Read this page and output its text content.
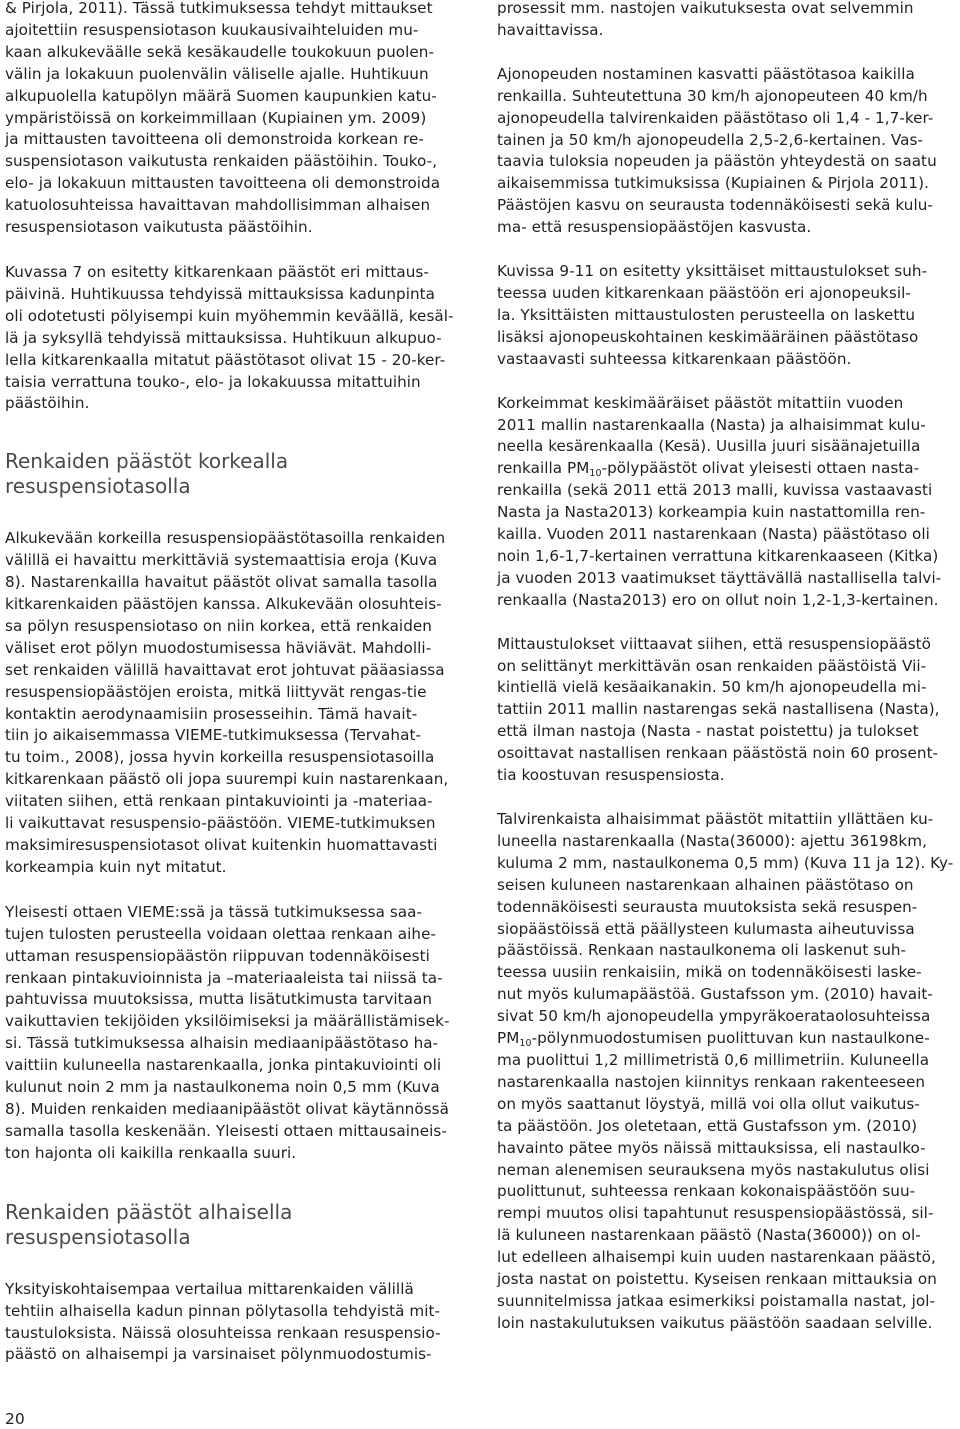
& Pirjola, 2011). Tässä tutkimuksessa tehdyt mittaukset
ajoitettiin resuspensiotason kuukausivaihteluiden mu-
kaan alkukeväälle sekä kesäkaudelle toukokuun puolen-
välin ja lokakuun puolenvälin väliselle ajalle. Huhtikuun
alkupuolella katupölyn määrä Suomen kaupunkien katu-
ympäristöissä on korkeimmillaan (Kupiainen ym. 2009)
ja mittausten tavoitteena oli demonstroida korkean re-
suspensiotason vaikutusta renkaiden päästöihin. Touko-,
elo- ja lokakuun mittausten tavoitteena oli demonstroida
katuolosuhteissa havaittavan mahdollisimman alhaisen
resuspensiotason vaikutusta päästöihin.

Kuvassa 7 on esitetty kitkarenkaan päästöt eri mittaus-
päivinä. Huhtikuussa tehdyissä mittauksissa kadunpinta
oli odotetusti pölyisempi kuin myöhemmin keväällä, kesäl-
lä ja syksyllä tehdyissä mittauksissa. Huhtikuun alkupuo-
lella kitkarenkaalla mitatut päästötasot olivat 15 - 20-ker-
taisia verrattuna touko-, elo- ja lokakuussa mitattuihin
päästöihin.

Renkaiden päästöt korkealla
resuspensiotasolla

Alkukevään korkeilla resuspensiopäästötasoilla renkaiden
välillä ei havaittu merkittäviä systemaattisia eroja (Kuva
8). Nastarenkailla havaitut päästöt olivat samalla tasolla
kitkarenkaiden päästöjen kanssa. Alkukevään olosuhteis-
sa pölyn resuspensiotaso on niin korkea, että renkaiden
väliset erot pölyn muodostumisessa häviävät. Mahdolli-
set renkaiden välillä havaittavat erot johtuvat pääasiassa
resuspensiopäästöjen eroista, mitkä liittyvät rengas-tie
kontaktin aerodynaamisiin prosesseihin. Tämä havait-
tiin jo aikaisemmassa VIEME-tutkimuksessa (Tervahat-
tu toim., 2008), jossa hyvin korkeilla resuspensiotasoilla
kitkarenkaan päästö oli jopa suurempi kuin nastarenkaan,
viitaten siihen, että renkaan pintakuviointi ja -materiaa-
li vaikuttavat resuspensio-päästöön. VIEME-tutkimuksen
maksimiresuspensiotasot olivat kuitenkin huomattavasti
korkeampia kuin nyt mitatut.

Yleisesti ottaen VIEME:ssä ja tässä tutkimuksessa saa-
tujen tulosten perusteella voidaan olettaa renkaan aihe-
uttaman resuspensiopäästön riippuvan todennäköisesti
renkaan pintakuvioinnista ja –materiaaleista tai niissä ta-
pahtuvissa muutoksissa, mutta lisätutkimusta tarvitaan
vaikuttavien tekijöiden yksilöimiseksi ja määrällistämisek-
si. Tässä tutkimuksessa alhaisin mediaanipäästötaso ha-
vaittiin kuluneella nastarenkaalla, jonka pintakuviointi oli
kulunut noin 2 mm ja nastaulkonema noin 0,5 mm (Kuva
8). Muiden renkaiden mediaanipäästöt olivat käytännössä
samalla tasolla keskenään. Yleisesti ottaen mittausaineis-
ton hajonta oli kaikilla renkaalla suuri.

Renkaiden päästöt alhaisella
resuspensiotasolla

Yksityiskohtaisempaa vertailua mittarenkaiden välillä
tehtiin alhaisella kadun pinnan pölytasolla tehdyistä mit-
taustuloksista. Näissä olosuhteissa renkaan resuspensio-
päästö on alhaisempi ja varsinaiset pölynmuodostumis-

prosessit mm. nastojen vaikutuksesta ovat selvemmin
havaittavissa.

Ajonopeuden nostaminen kasvatti päästötasoa kaikilla
renkailla. Suhteutettuna 30 km/h ajonopeuteen 40 km/h
ajonopeudella talvirenkaiden päästötaso oli 1,4 - 1,7-ker-
tainen ja 50 km/h ajonopeudella 2,5-2,6-kertainen. Vas-
taavia tuloksia nopeuden ja päästön yhteydestä on saatu
aikaisemmissa tutkimuksissa (Kupiainen & Pirjola 2011).
Päästöjen kasvu on seurausta todennäköisesti sekä kulu-
ma- että resuspensiopäästöjen kasvusta.

Kuvissa 9-11 on esitetty yksittäiset mittaustulokset suh-
teessa uuden kitkarenkaan päästöön eri ajonopeuksil-
la. Yksittäisten mittaustulosten perusteella on laskettu
lisäksi ajonopeuskohtainen keskimääräinen päästötaso
vastaavasti suhteessa kitkarenkaan päästöön.

Korkeimmat keskimääräiset päästöt mitattiin vuoden
2011 mallin nastarenkaalla (Nasta) ja alhaisimmat kulu-
neella kesärenkaalla (Kesä). Uusilla juuri sisäänajetuilla
renkailla $PM_{10}$-pölypäästöt olivat yleisesti ottaen nasta-
renkailla (sekä 2011 että 2013 malli, kuvissa vastaavasti
Nasta ja Nasta2013) korkeampia kuin nastattomilla ren-
kailla. Vuoden 2011 nastarenkaan (Nasta) päästötaso oli
noin 1,6-1,7-kertainen verrattuna kitkarenkaaseen (Kitka)
ja vuoden 2013 vaatimukset täyttävällä nastallisella talvi-
renkaalla (Nasta2013) ero on ollut noin 1,2-1,3-kertainen.

Mittaustulokset viittaavat siihen, että resuspensiopäästö
on selittänyt merkittävän osan renkaiden päästöistä Vii-
kintiellä vielä kesäaikanakin. 50 km/h ajonopeudella mi-
tattiin 2011 mallin nastarengas sekä nastallisena (Nasta),
että ilman nastoja (Nasta - nastat poistettu) ja tulokset
osoittavat nastallisen renkaan päästöstä noin 60 prosent-
tia koostuvan resuspensiosta.

Talvirenkaista alhaisimmat päästöt mitattiin yllättäen ku-
luneella nastarenkaalla (Nasta(36000): ajettu 36198km,
kuluma 2 mm, nastaulkonema 0,5 mm) (Kuva 11 ja 12). Ky-
seisen kuluneen nastarenkaan alhainen päästötaso on
todennäköisesti seurausta muutoksista sekä resuspen-
siopäästöissä että päällysteen kulumasta aiheutuvissa
päästöissä. Renkaan nastaulkonema oli laskenut suh-
teessa uusiin renkaisiin, mikä on todennäköisesti laske-
nut myös kulumapäästöä. Gustafsson ym. (2010) havait-
sivat 50 km/h ajonopeudella ympyräkoerataolosuhteissa
$PM_{10}$-pölynmuodostumisen puolittuvan kun nastaulkone-
ma puolittui 1,2 millimetristä 0,6 millimetriin. Kuluneella
nastarenkaalla nastojen kiinnitys renkaan rakenteeseen
on myös saattanut löystyä, millä voi olla ollut vaikutus-
ta päästöön. Jos oletetaan, että Gustafsson ym. (2010)
havainto pätee myös näissä mittauksissa, eli nastaulko-
neman alenemisen seurauksena myös nastakulutus olisi
puolittunut, suhteessa renkaan kokonaispäästöön suu-
rempi muutos olisi tapahtunut resuspensiopäästössä, sil-
lä kuluneen nastarenkaan päästö (Nasta(36000)) on ol-
lut edelleen alhaisempi kuin uuden nastarenkaan päästö,
josta nastat on poistettu. Kyseisen renkaan mittauksia on
suunnitelmissa jatkaa esimerkiksi poistamalla nastat, jol-
loin nastakulutuksen vaikutus päästöön saadaan selville.

20
